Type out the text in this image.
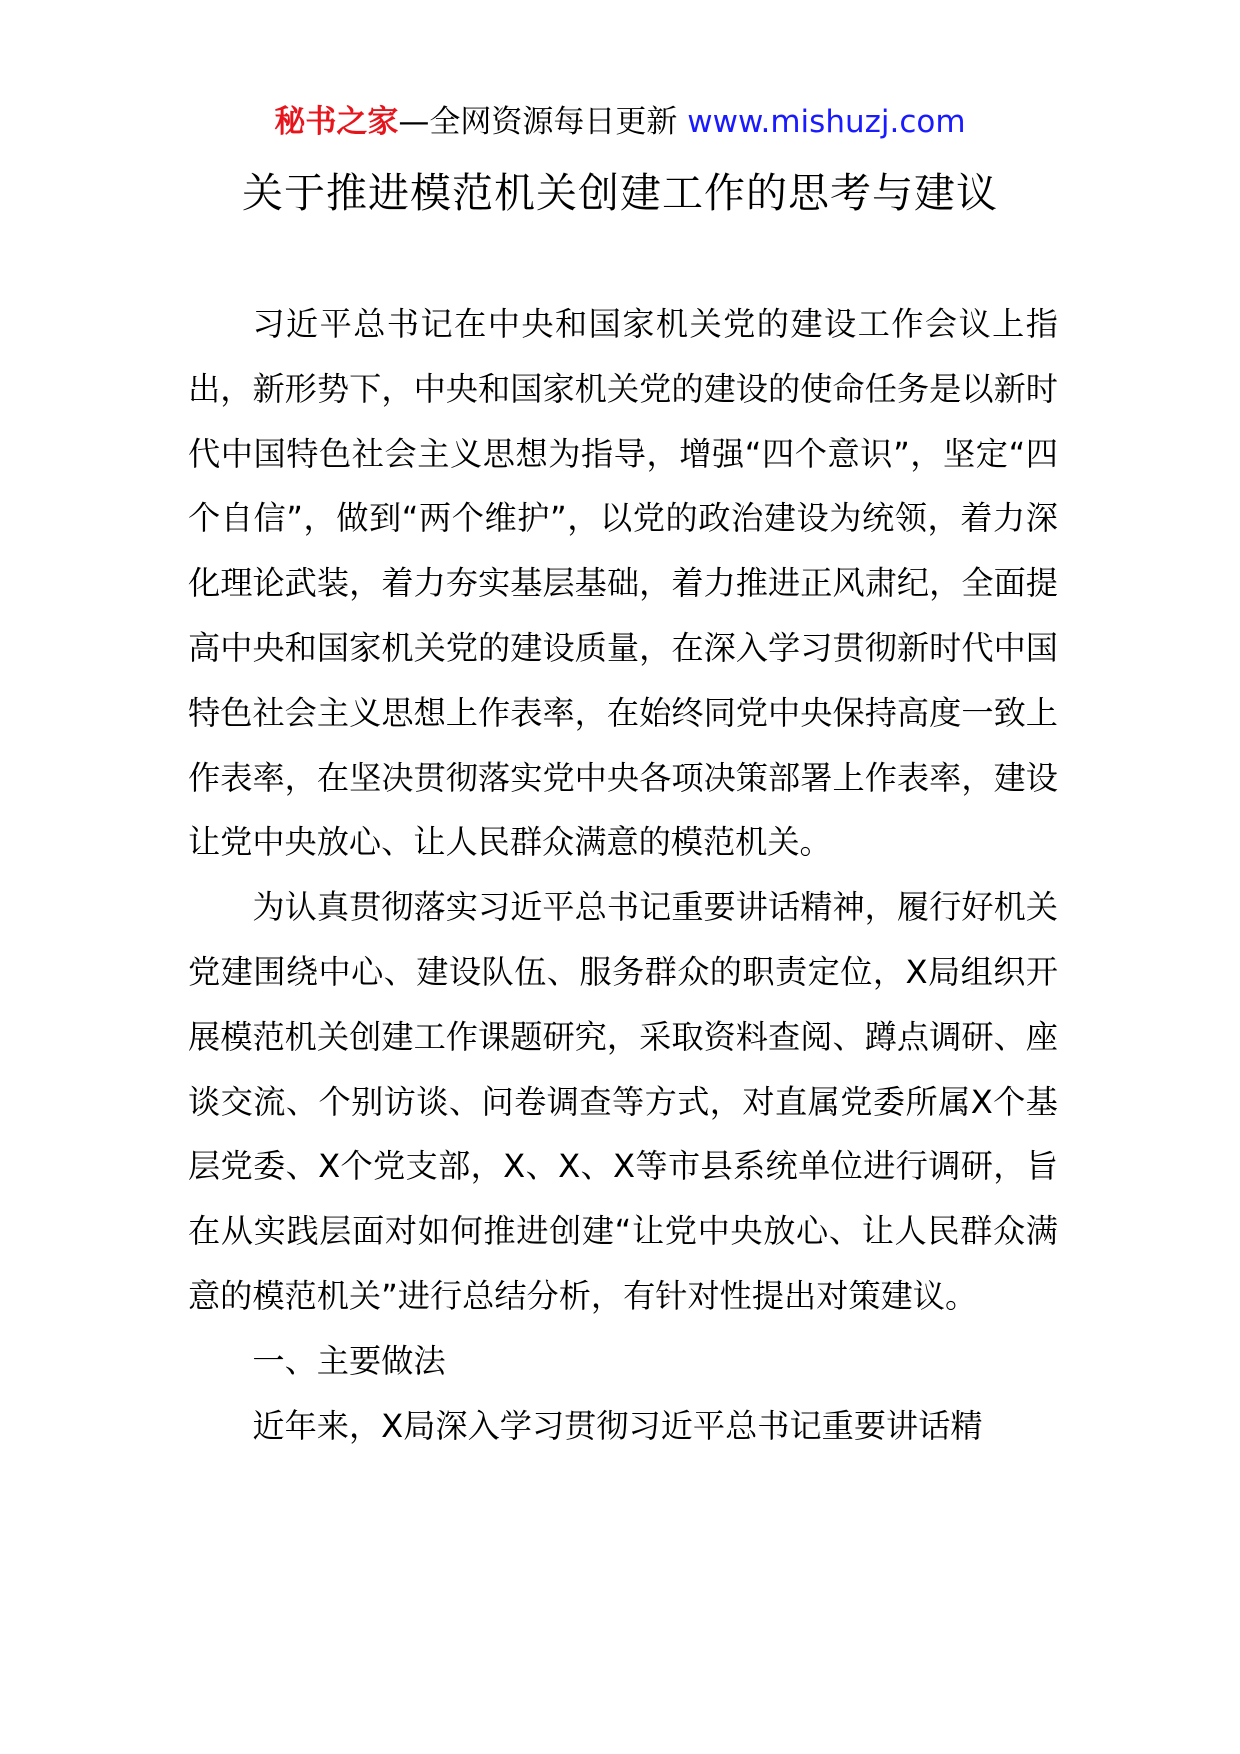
秘书之家—全网资源每日更新 www.mishuzj.com
关于推进模范机关创建工作的思考与建议

习近平总书记在中央和国家机关党的建设工作会议上指出，新形势下，中央和国家机关党的建设的使命任务是以新时代中国特色社会主义思想为指导，增强“四个意识”，坚定“四个自信”，做到“两个维护”，以党的政治建设为统领，着力深化理论武装，着力夯实基层基础，着力推进正风肃纪，全面提高中央和国家机关党的建设质量，在深入学习贯彻新时代中国特色社会主义思想上作表率，在始终同党中央保持高度一致上作表率，在坚决贯彻落实党中央各项决策部署上作表率，建设让党中央放心、让人民群众满意的模范机关。

为认真贯彻落实习近平总书记重要讲话精神，履行好机关党建围绕中心、建设队伍、服务群众的职责定位，X局组织开展模范机关创建工作课题研究，采取资料查阅、蹲点调研、座谈交流、个别访谈、问卷调查等方式，对直属党委所属X个基层党委、X个党支部，X、X、X等市县系统单位进行调研，旨在从实践层面对如何推进创建“让党中央放心、让人民群众满意的模范机关”进行总结分析，有针对性提出对策建议。

一、主要做法

近年来，X局深入学习贯彻习近平总书记重要讲话精
